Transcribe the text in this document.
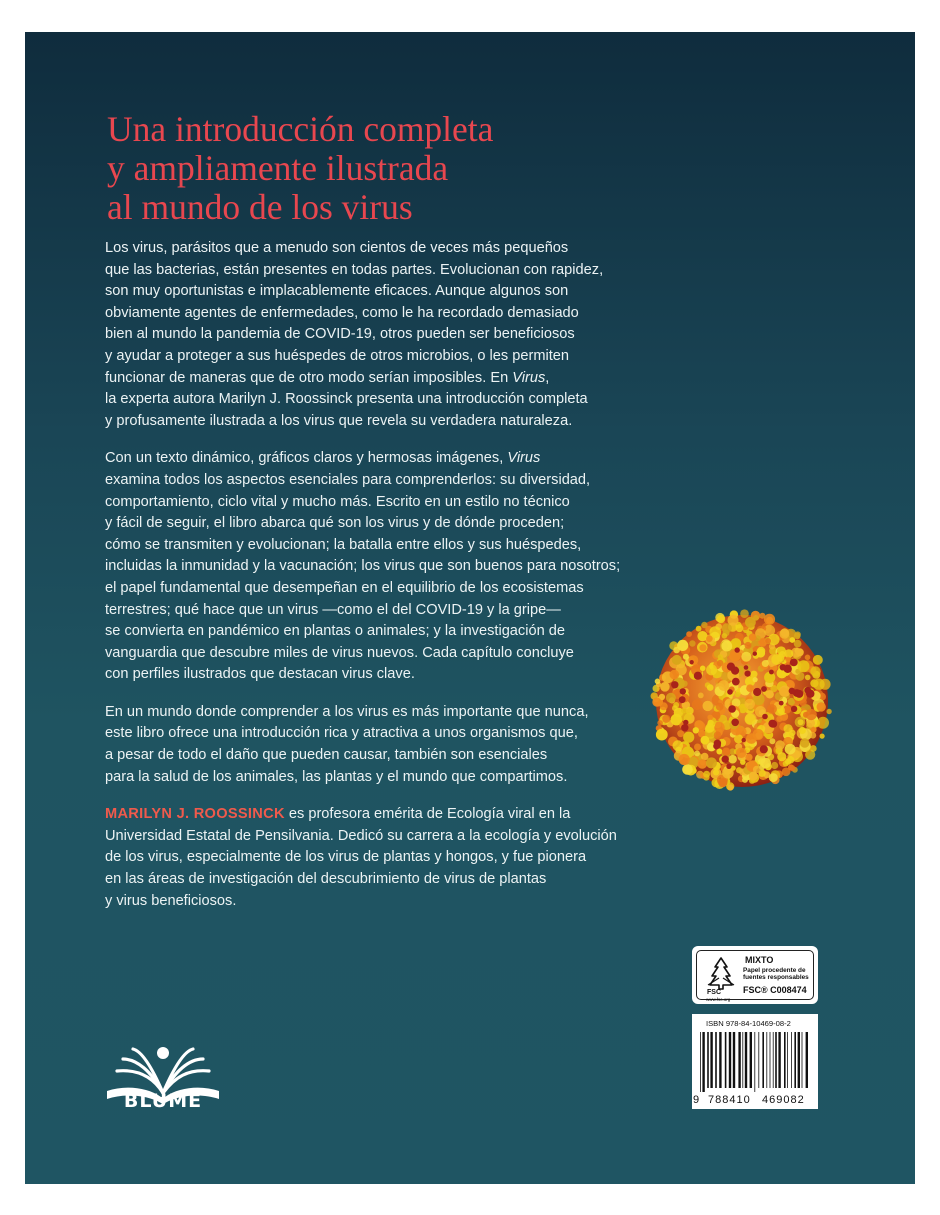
Una introducción completa
y ampliamente ilustrada
al mundo de los virus

Los virus, parásitos que a menudo son cientos de veces más pequeños
que las bacterias, están presentes en todas partes. Evolucionan con rapidez,
son muy oportunistas e implacablemente eficaces. Aunque algunos son
obviamente agentes de enfermedades, como le ha recordado demasiado
bien al mundo la pandemia de COVID-19, otros pueden ser beneficiosos
y ayudar a proteger a sus huéspedes de otros microbios, o les permiten
funcionar de maneras que de otro modo serían imposibles. En Virus,
la experta autora Marilyn J. Roossinck presenta una introducción completa
y profusamente ilustrada a los virus que revela su verdadera naturaleza.

Con un texto dinámico, gráficos claros y hermosas imágenes, Virus
examina todos los aspectos esenciales para comprenderlos: su diversidad,
comportamiento, ciclo vital y mucho más. Escrito en un estilo no técnico
y fácil de seguir, el libro abarca qué son los virus y de dónde proceden;
cómo se transmiten y evolucionan; la batalla entre ellos y sus huéspedes,
incluidas la inmunidad y la vacunación; los virus que son buenos para nosotros;
el papel fundamental que desempeñan en el equilibrio de los ecosistemas
terrestres; qué hace que un virus —como el del COVID-19 y la gripe—
se convierta en pandémico en plantas o animales; y la investigación de
vanguardia que descubre miles de virus nuevos. Cada capítulo concluye
con perfiles ilustrados que destacan virus clave.

En un mundo donde comprender a los virus es más importante que nunca,
este libro ofrece una introducción rica y atractiva a unos organismos que,
a pesar de todo el daño que pueden causar, también son esenciales
para la salud de los animales, las plantas y el mundo que compartimos.

MARILYN J. ROOSSINCK es profesora emérita de Ecología viral en la
Universidad Estatal de Pensilvania. Dedicó su carrera a la ecología y evolución
de los virus, especialmente de los virus de plantas y hongos, y fue pionera
en las áreas de investigación del descubrimiento de virus de plantas
y virus beneficiosos.

BLUME
FSC
www.fsc.org
MIXTO
Papel procedente de
fuentes responsables
FSC® C008474
ISBN 978-84-10469-08-2
9 788410 469082
